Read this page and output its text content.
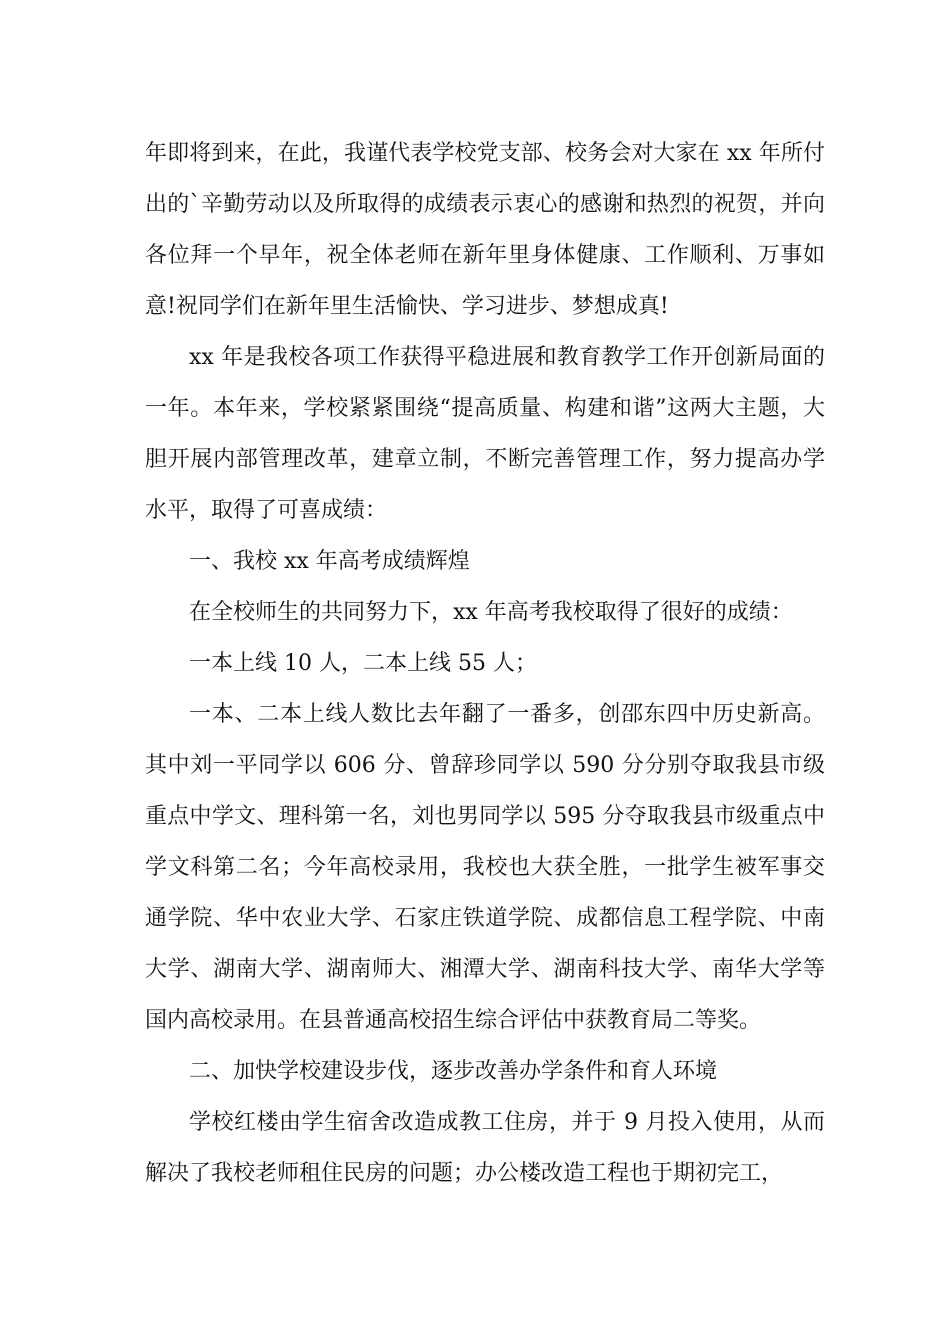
年即将到来，在此，我谨代表学校党支部、校务会对大家在 xx 年所付出的`辛勤劳动以及所取得的成绩表示衷心的感谢和热烈的祝贺，并向各位拜一个早年，祝全体老师在新年里身体健康、工作顺利、万事如意!祝同学们在新年里生活愉快、学习进步、梦想成真!

xx 年是我校各项工作获得平稳进展和教育教学工作开创新局面的一年。本年来，学校紧紧围绕“提高质量、构建和谐”这两大主题，大胆开展内部管理改革，建章立制，不断完善管理工作，努力提高办学水平，取得了可喜成绩：

一、我校 xx 年高考成绩辉煌

在全校师生的共同努力下，xx 年高考我校取得了很好的成绩：

一本上线 10 人，二本上线 55 人；

一本、二本上线人数比去年翻了一番多，创邵东四中历史新高。其中刘一平同学以 606 分、曾辞珍同学以 590 分分别夺取我县市级重点中学文、理科第一名，刘也男同学以 595 分夺取我县市级重点中学文科第二名；今年高校录用，我校也大获全胜，一批学生被军事交通学院、华中农业大学、石家庄铁道学院、成都信息工程学院、中南大学、湖南大学、湖南师大、湘潭大学、湖南科技大学、南华大学等国内高校录用。在县普通高校招生综合评估中获教育局二等奖。

二、加快学校建设步伐，逐步改善办学条件和育人环境

学校红楼由学生宿舍改造成教工住房，并于 9 月投入使用，从而解决了我校老师租住民房的问题；办公楼改造工程也于期初完工，
